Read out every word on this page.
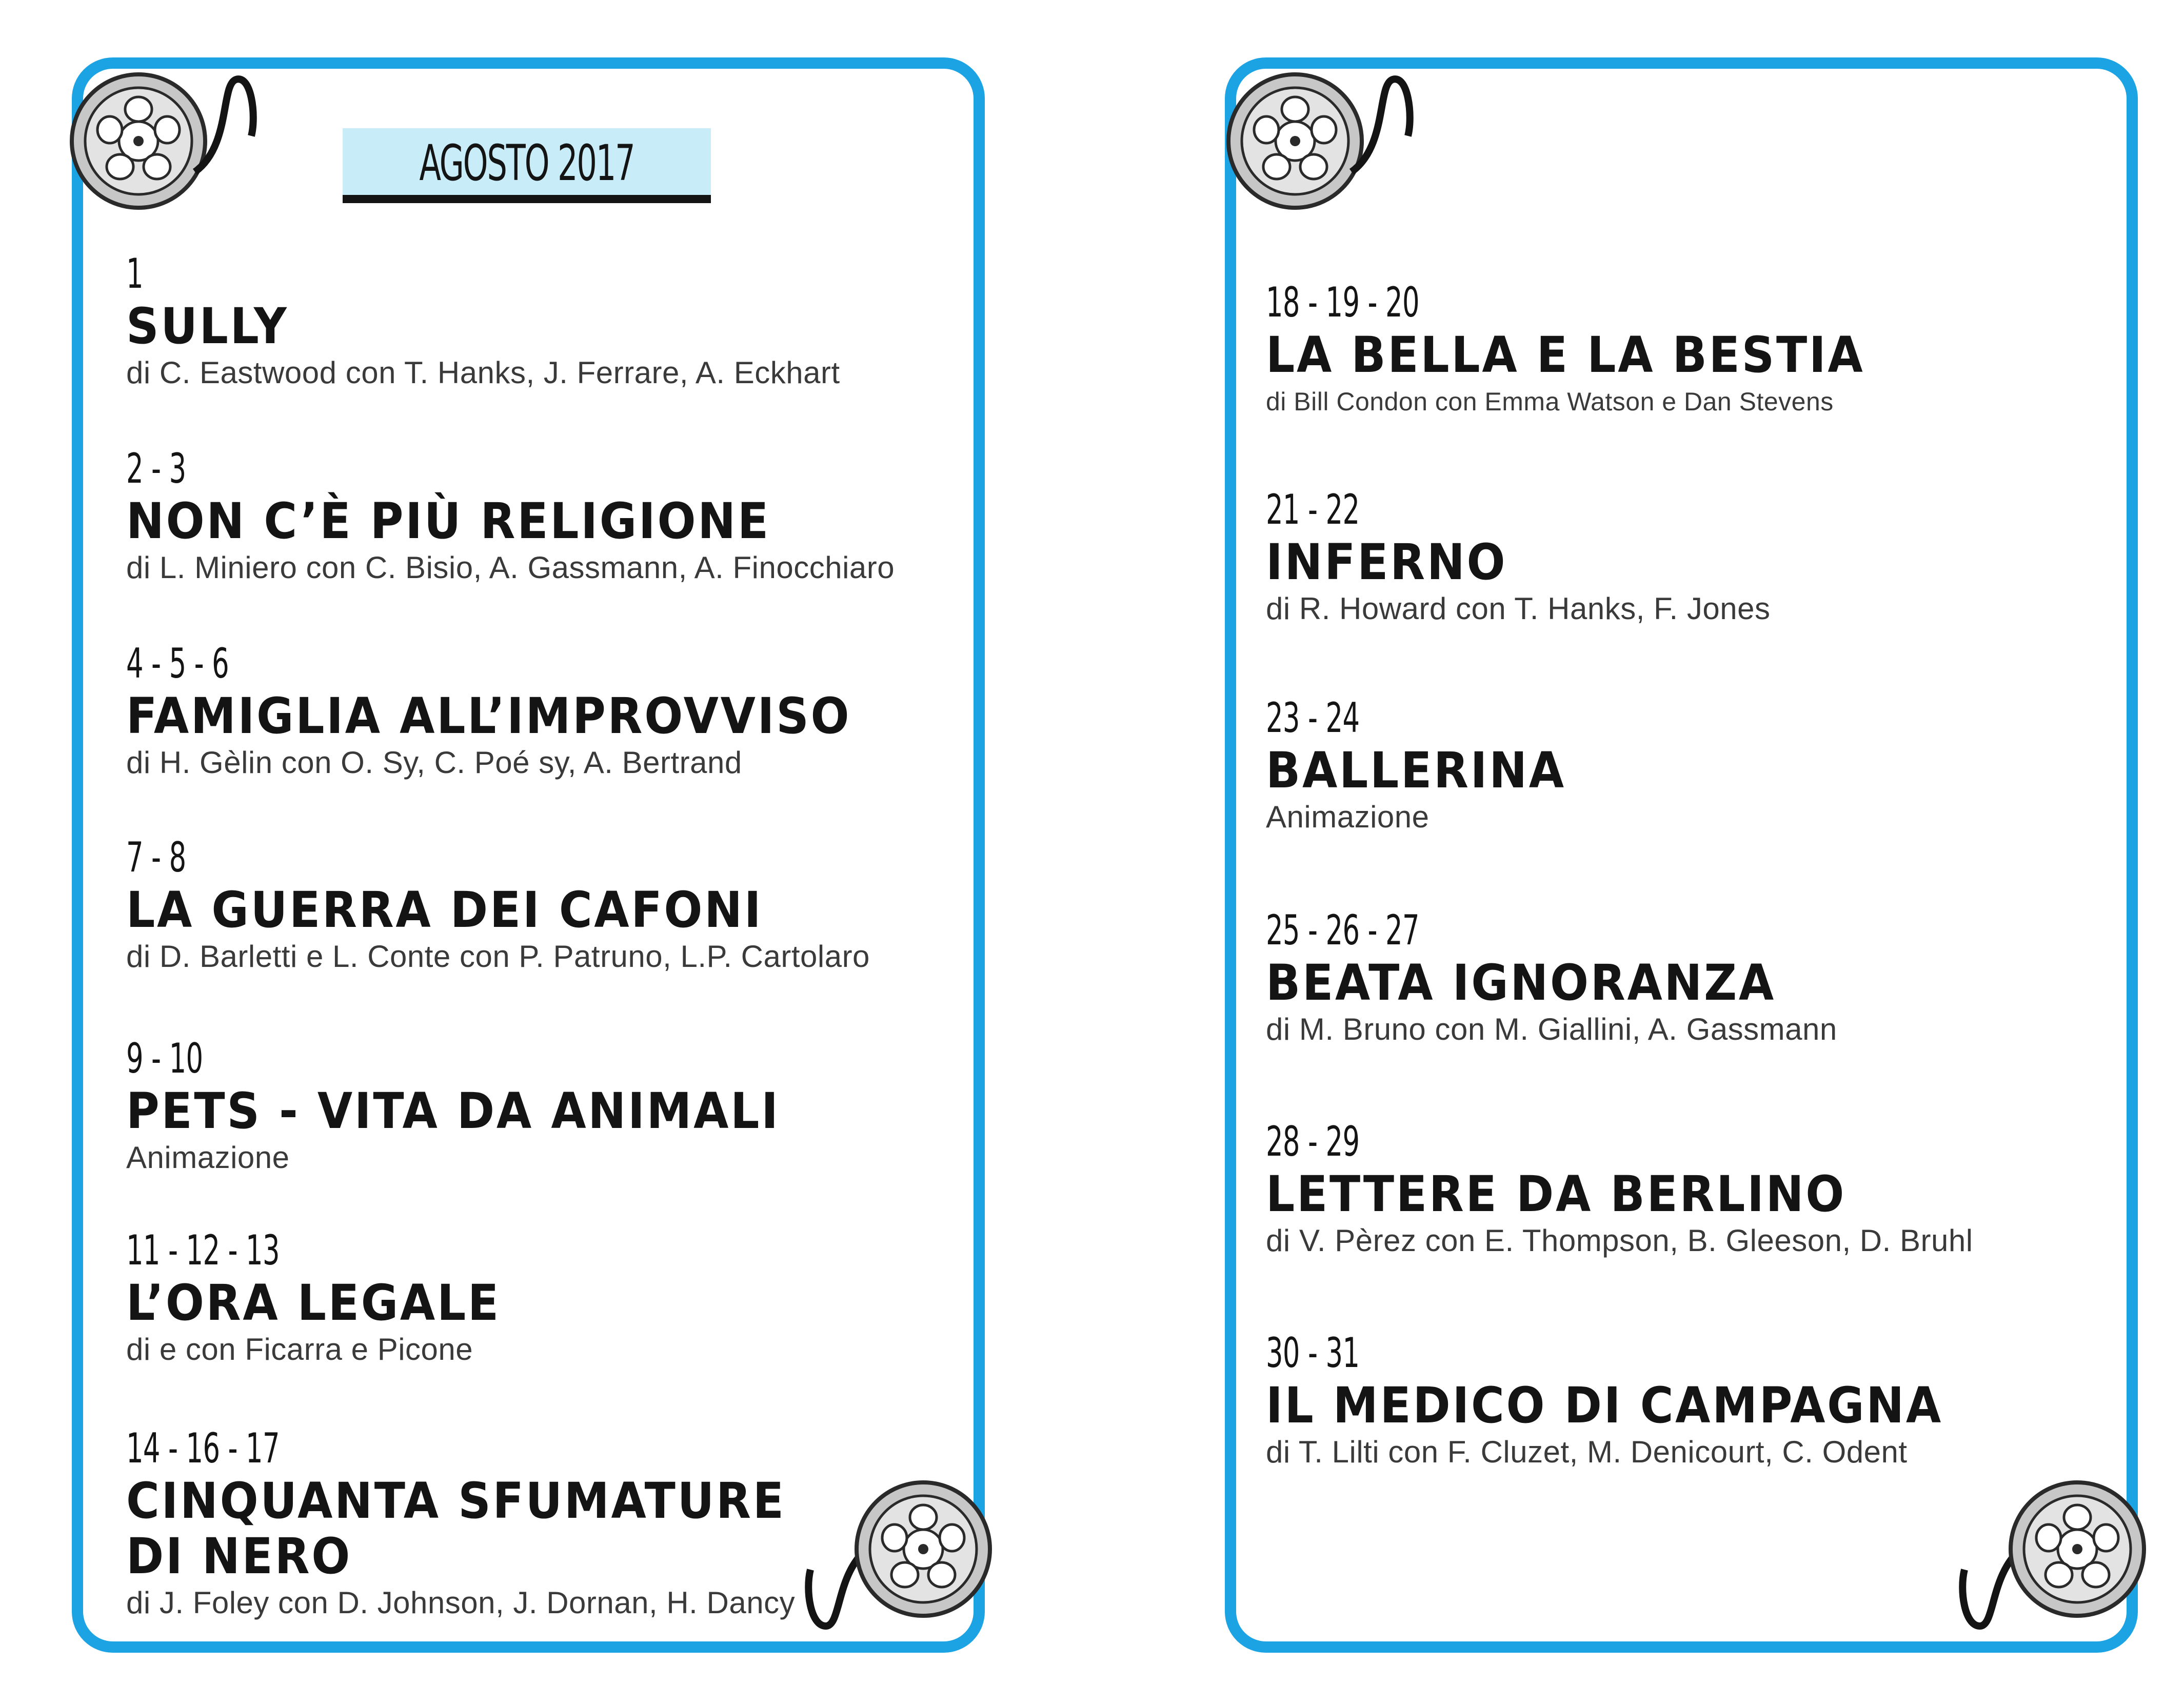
AGOSTO 2017
1
SULLY
di C. Eastwood con T. Hanks, J. Ferrare, A. Eckhart
2 - 3
NON C’È PIÙ RELIGIONE
di L. Miniero con C. Bisio, A. Gassmann, A. Finocchiaro
4 - 5 - 6
FAMIGLIA ALL’IMPROVVISO
di H. Gèlin con O. Sy, C. Poé sy, A. Bertrand
7 - 8
LA GUERRA DEI CAFONI
di D. Barletti e L. Conte con P. Patruno, L.P. Cartolaro
9 - 10
PETS - VITA DA ANIMALI
Animazione
11 - 12 - 13
L’ORA LEGALE
di e con Ficarra e Picone
14 - 16 - 17
CINQUANTA SFUMATURE
DI NERO
di J. Foley con D. Johnson, J. Dornan, H. Dancy
18 - 19 - 20
LA BELLA E LA BESTIA
di Bill Condon con Emma Watson e Dan Stevens
21 - 22
INFERNO
di R. Howard con T. Hanks, F. Jones
23 - 24
BALLERINA
Animazione
25 - 26 - 27
BEATA IGNORANZA
di M. Bruno con M. Giallini, A. Gassmann
28 - 29
LETTERE DA BERLINO
di V. Pèrez con E. Thompson, B. Gleeson, D. Bruhl
30 - 31
IL MEDICO DI CAMPAGNA
di T. Lilti con F. Cluzet, M. Denicourt, C. Odent
